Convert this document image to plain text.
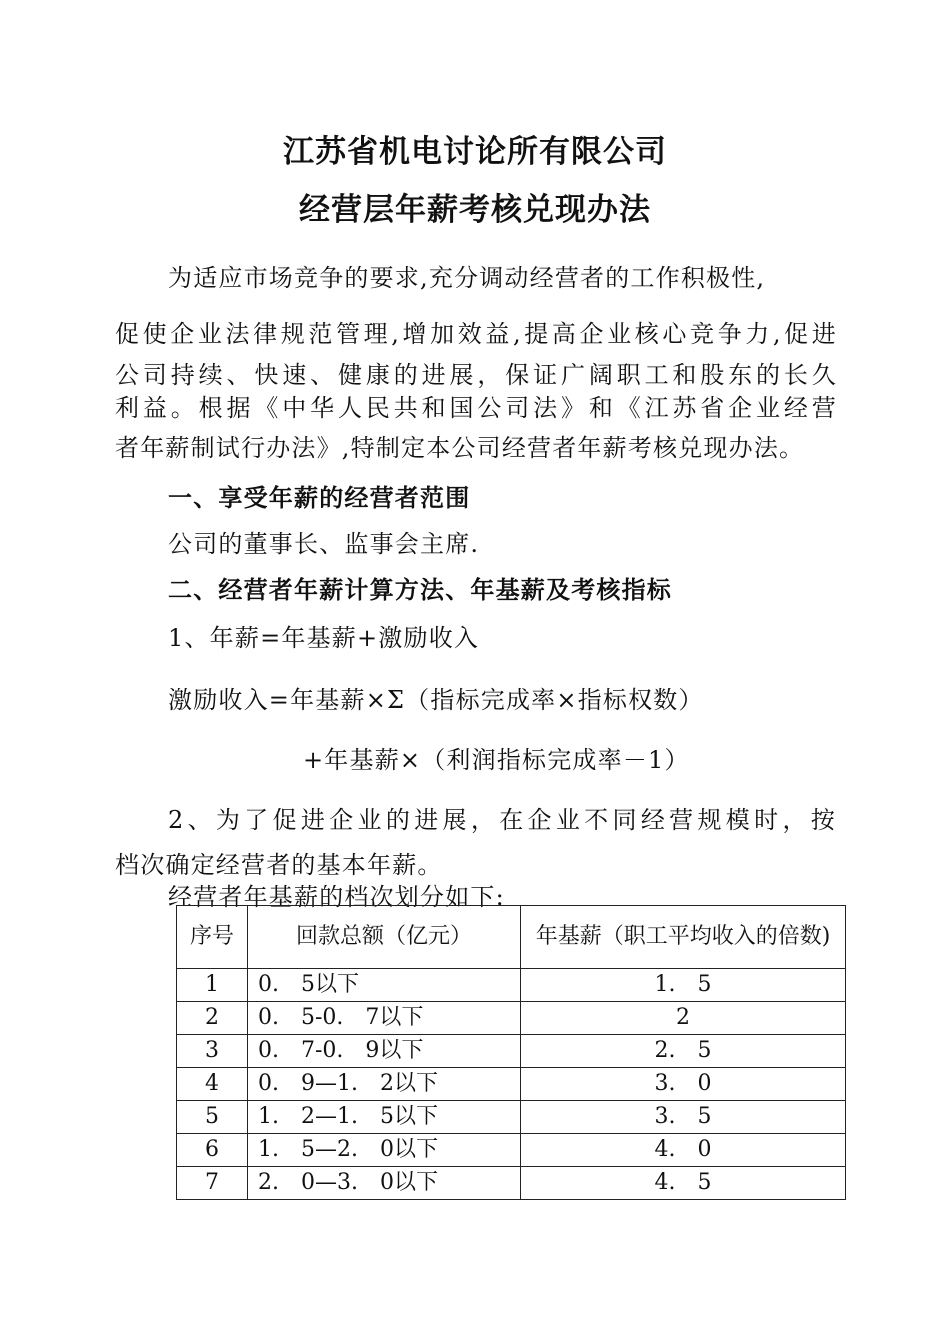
江苏省机电讨论所有限公司
经营层年薪考核兑现办法
为适应市场竞争的要求,充分调动经营者的工作积极性,
促使企业法律规范管理,增加效益,提高企业核心竞争力,促进
公司持续、快速、健康的进展，保证广阔职工和股东的长久
利益。根据《中华人民共和国公司法》和《江苏省企业经营
者年薪制试行办法》,特制定本公司经营者年薪考核兑现办法。
一、享受年薪的经营者范围
公司的董事长、监事会主席.
二、经营者年薪计算方法、年基薪及考核指标
1、年薪=年基薪+激励收入
激励收入=年基薪×Σ（指标完成率×指标权数）
+年基薪×（利润指标完成率－1）
2、为了促进企业的进展，在企业不同经营规模时，按
档次确定经营者的基本年薪。
经营者年基薪的档次划分如下:
序号	回款总额（亿元）	年基薪（职工平均收入的倍数)
1	0.　5以下	1.　5
2	0.　5-0.　7以下	2
3	0.　7-0.　9以下	2.　5
4	0.　9—1.　2以下	3.　0
5	1.　2—1.　5以下	3.　5
6	1.　5—2.　0以下	4.　0
7	2.　0—3.　0以下	4.　5
